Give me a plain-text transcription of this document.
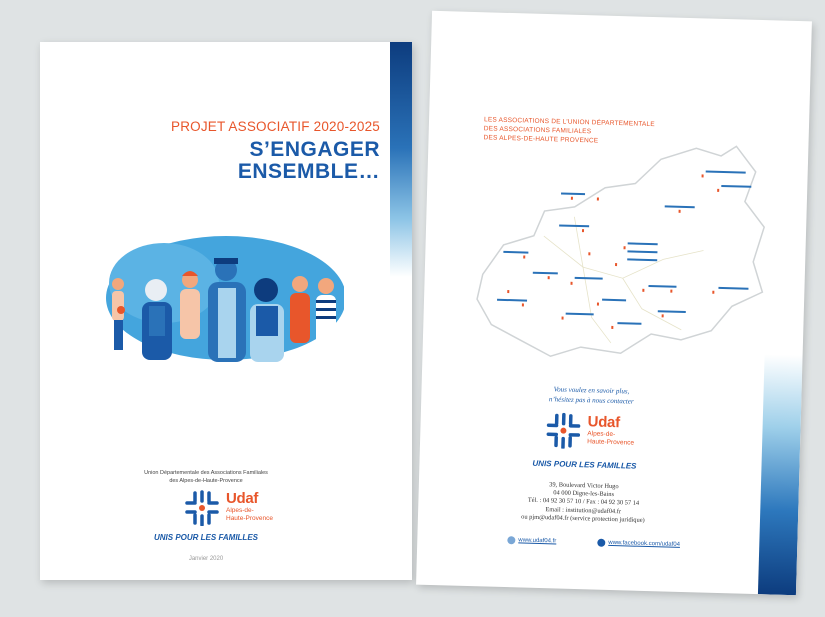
PROJET ASSOCIATIF 2020-2025
S’ENGAGER
ENSEMBLE…
Union Départementale des Associations Familiales
des Alpes-de-Haute-Provence
Udaf
Alpes-de-
Haute-Provence
UNIS POUR LES FAMILLES
Janvier 2020
LES ASSOCIATIONS DE L’UNION DÉPARTEMENTALE
DES ASSOCIATIONS FAMILIALES
DES ALPES-DE-HAUTE PROVENCE
Vous voulez en savoir plus,
n’hésitez pas à nous contacter
Udaf
Alpes-de-
Haute-Provence
UNIS POUR LES FAMILLES
39, Boulevard Victor Hugo
04 000 Digne-les-Bains
Tél. : 04 92 30 57 10 / Fax : 04 92 30 57 14
Email : institution@udaf04.fr
ou pjm@udaf04.fr (service protection juridique)
www.udaf04.fr	www.facebook.com/udaf04
